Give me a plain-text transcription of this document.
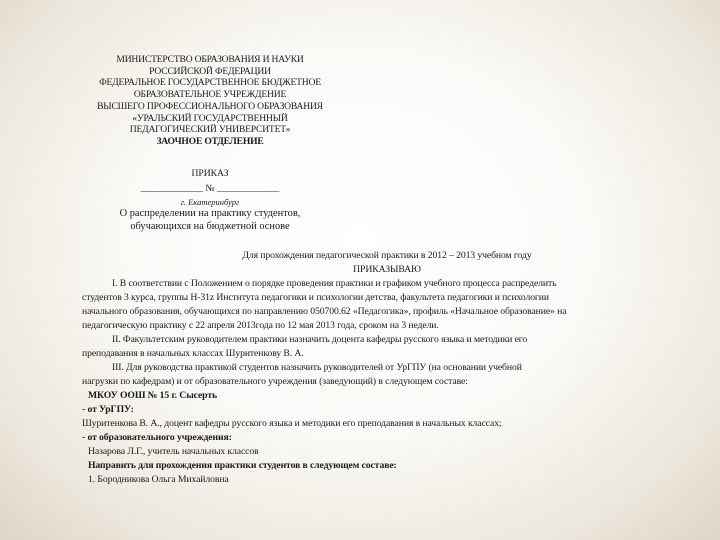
МИНИСТЕРСТВО ОБРАЗОВАНИЯ И НАУКИ
РОССИЙСКОЙ ФЕДЕРАЦИИ
ФЕДЕРАЛЬНОЕ ГОСУДАРСТВЕННОЕ БЮДЖЕТНОЕ
ОБРАЗОВАТЕЛЬНОЕ УЧРЕЖДЕНИЕ
ВЫСШЕГО ПРОФЕССИОНАЛЬНОГО ОБРАЗОВАНИЯ
«УРАЛЬСКИЙ ГОСУДАРСТВЕННЫЙ
ПЕДАГОГИЧЕСКИЙ УНИВЕРСИТЕТ»
ЗАОЧНОЕ ОТДЕЛЕНИЕ
ПРИКАЗ
_____________ № _____________
г. Екатеринбург
О распределении на практику студентов,
обучающихся на бюджетной основе

Для прохождения педагогической практики в 2012 – 2013 учебном году

ПРИКАЗЫВАЮ

I. В соответствии с Положением о порядке проведения практики и графиком учебного процесса распределить

студентов 3 курса, группы Н-31z Института педагогики и психологии детства, факультета педагогики и психологии

начального образования, обучающихся по направлению 050700.62 «Педагогика», профиль «Начальное образование» на

педагогическую практику с 22 апреля 2013года по 12 мая 2013 года, сроком на 3 недели.

II. Факультетским руководителем практики назначить доцента кафедры русского языка и методики его

преподавания в начальных классах Шуритенкову В. А.

III. Для руководства практикой студентов назначить руководителей от УрГПУ (на основании учебной

нагрузки по кафедрам) и от образовательного учреждения (заведующий) в следующем составе:

МКОУ ООШ № 15 г. Сысерть

- от УрГПУ:

Шуритенкова В. А., доцент кафедры русского языка и методики его преподавания в начальных классах;

- от образовательного учреждения:

Назарова Л.Г., учитель начальных классов

Направить для прохождения практики студентов в следующем составе:

1. Бородникова Ольга Михайловна
